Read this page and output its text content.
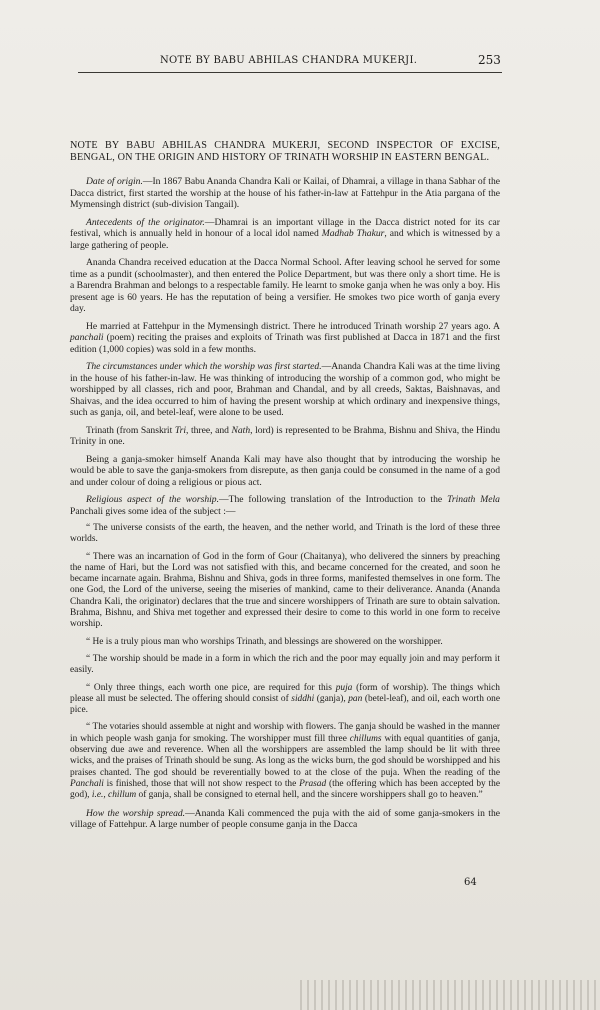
NOTE BY BABU ABHILAS CHANDRA MUKERJI.	253
NOTE BY BABU ABHILAS CHANDRA MUKERJI, SECOND INSPECTOR OF EXCISE, BENGAL, ON THE ORIGIN AND HISTORY OF TRINATH WORSHIP IN EASTERN BENGAL.

Date of origin.—In 1867 Babu Ananda Chandra Kali or Kailai, of Dhamrai, a village in thana Sabhar of the Dacca district, first started the worship at the house of his father-in-law at Fattehpur in the Atia pargana of the Mymensingh district (sub-division Tangail).

Antecedents of the originator.—Dhamrai is an important village in the Dacca district noted for its car festival, which is annually held in honour of a local idol named Madhab Thakur, and which is witnessed by a large gathering of people.

Ananda Chandra received education at the Dacca Normal School. After leaving school he served for some time as a pundit (schoolmaster), and then entered the Police Department, but was there only a short time. He is a Barendra Brahman and belongs to a respectable family. He learnt to smoke ganja when he was only a boy. His present age is 60 years. He has the reputation of being a versifier. He smokes two pice worth of ganja every day.

He married at Fattehpur in the Mymensingh district. There he introduced Trinath worship 27 years ago. A panchali (poem) reciting the praises and exploits of Trinath was first published at Dacca in 1871 and the first edition (1,000 copies) was sold in a few months.

The circumstances under which the worship was first started.—Ananda Chandra Kali was at the time living in the house of his father-in-law. He was thinking of introducing the worship of a common god, who might be worshipped by all classes, rich and poor, Brahman and Chandal, and by all creeds, Saktas, Baishnavas, and Shaivas, and the idea occurred to him of having the present worship at which ordinary and inexpensive things, such as ganja, oil, and betel-leaf, were alone to be used.

Trinath (from Sanskrit Tri, three, and Nath, lord) is represented to be Brahma, Bishnu and Shiva, the Hindu Trinity in one.

Being a ganja-smoker himself Ananda Kali may have also thought that by introducing the worship he would be able to save the ganja-smokers from disrepute, as then ganja could be consumed in the name of a god and under colour of doing a religious or pious act.

Religious aspect of the worship.—The following translation of the Introduction to the Trinath Mela Panchali gives some idea of the subject :—

“ The universe consists of the earth, the heaven, and the nether world, and Trinath is the lord of these three worlds.

“ There was an incarnation of God in the form of Gour (Chaitanya), who delivered the sinners by preaching the name of Hari, but the Lord was not satisfied with this, and became concerned for the created, and soon he became incarnate again. Brahma, Bishnu and Shiva, gods in three forms, manifested themselves in one form. The one God, the Lord of the universe, seeing the miseries of mankind, came to their deliverance. Ananda (Ananda Chandra Kali, the originator) declares that the true and sincere worshippers of Trinath are sure to obtain salvation. Brahma, Bishnu, and Shiva met together and expressed their desire to come to this world in one form to receive worship.

“ He is a truly pious man who worships Trinath, and blessings are showered on the worshipper.

“ The worship should be made in a form in which the rich and the poor may equally join and may perform it easily.

“ Only three things, each worth one pice, are required for this puja (form of worship). The things which please all must be selected. The offering should consist of siddhi (ganja), pan (betel-leaf), and oil, each worth one pice.

“ The votaries should assemble at night and worship with flowers. The ganja should be washed in the manner in which people wash ganja for smoking. The worshipper must fill three chillums with equal quantities of ganja, observing due awe and reverence. When all the worshippers are assembled the lamp should be lit with three wicks, and the praises of Trinath should be sung. As long as the wicks burn, the god should be worshipped and his praises chanted. The god should be reverentially bowed to at the close of the puja. When the reading of the Panchali is finished, those that will not show respect to the Prasad (the offering which has been accepted by the god), i.e., chillum of ganja, shall be consigned to eternal hell, and the sincere worshippers shall go to heaven.”

How the worship spread.—Ananda Kali commenced the puja with the aid of some ganja-smokers in the village of Fattehpur. A large number of people consume ganja in the Dacca

64
